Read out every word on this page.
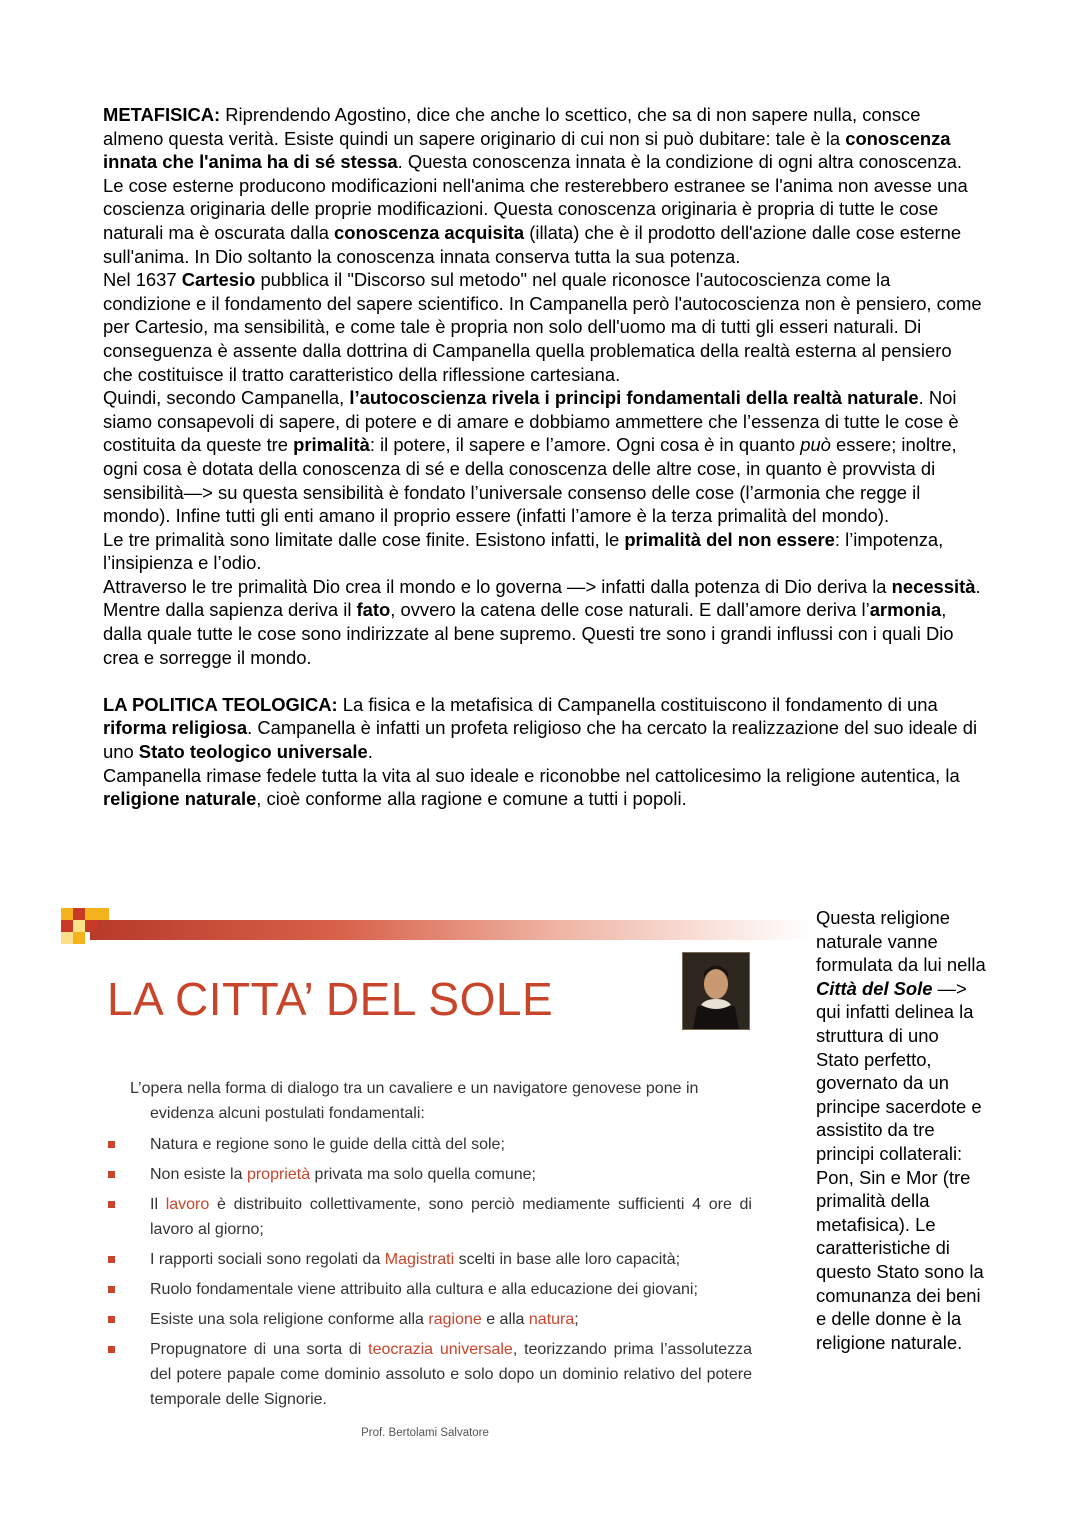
METAFISICA: Riprendendo Agostino, dice che anche lo scettico, che sa di non sapere nulla, consce almeno questa verità. Esiste quindi un sapere originario di cui non si può dubitare: tale è la conoscenza innata che l'anima ha di sé stessa. Questa conoscenza innata è la condizione di ogni altra conoscenza.

Le cose esterne producono modificazioni nell'anima che resterebbero estranee se l'anima non avesse una coscienza originaria delle proprie modificazioni. Questa conoscenza originaria è propria di tutte le cose naturali ma è oscurata dalla conoscenza acquisita (illata) che è il prodotto dell'azione dalle cose esterne sull'anima. In Dio soltanto la conoscenza innata conserva tutta la sua potenza.

Nel 1637 Cartesio pubblica il "Discorso sul metodo" nel quale riconosce l'autocoscienza come la condizione e il fondamento del sapere scientifico. In Campanella però l'autocoscienza non è pensiero, come per Cartesio, ma sensibilità, e come tale è propria non solo dell'uomo ma di tutti gli esseri naturali. Di conseguenza è assente dalla dottrina di Campanella quella problematica della realtà esterna al pensiero che costituisce il tratto caratteristico della riflessione cartesiana.

Quindi, secondo Campanella, l’autocoscienza rivela i principi fondamentali della realtà naturale. Noi siamo consapevoli di sapere, di potere e di amare e dobbiamo ammettere che l’essenza di tutte le cose è costituita da queste tre primalità: il potere, il sapere e l’amore. Ogni cosa è in quanto può essere; inoltre, ogni cosa è dotata della conoscenza di sé e della conoscenza delle altre cose, in quanto è provvista di sensibilità—> su questa sensibilità è fondato l’universale consenso delle cose (l’armonia che regge il mondo). Infine tutti gli enti amano il proprio essere (infatti l’amore è la terza primalità del mondo).

Le tre primalità sono limitate dalle cose finite. Esistono infatti, le primalità del non essere: l’impotenza, l’insipienza e l’odio.

Attraverso le tre primalità Dio crea il mondo e lo governa —> infatti dalla potenza di Dio deriva la necessità. Mentre dalla sapienza deriva il fato, ovvero la catena delle cose naturali. E dall’amore deriva l’armonia, dalla quale tutte le cose sono indirizzate al bene supremo. Questi tre sono i grandi influssi con i quali Dio crea e sorregge il mondo.

LA POLITICA TEOLOGICA: La fisica e la metafisica di Campanella costituiscono il fondamento di una riforma religiosa. Campanella è infatti un profeta religioso che ha cercato la realizzazione del suo ideale di uno Stato teologico universale.

Campanella rimase fedele tutta la vita al suo ideale e riconobbe nel cattolicesimo la religione autentica, la religione naturale, cioè conforme alla ragione e comune a tutti i popoli.

LA CITTA’ DEL SOLE
L’opera nella forma di dialogo tra un cavaliere e un navigatore genovese pone in
evidenza alcuni postulati fondamentali:
Natura e regione sono le guide della città del sole;
Non esiste la proprietà privata ma solo quella comune;
Il lavoro è distribuito collettivamente, sono perciò mediamente sufficienti 4 ore di lavoro al giorno;
I rapporti sociali sono regolati da Magistrati scelti in base alle loro capacità;
Ruolo fondamentale viene attribuito alla cultura e alla educazione dei giovani;
Esiste una sola religione conforme alla ragione e alla natura;
Propugnatore di una sorta di teocrazia universale, teorizzando prima l’assolutezza del potere papale come dominio assoluto e solo dopo un dominio relativo del potere temporale delle Signorie.
Prof. Bertolami Salvatore
Questa religione naturale vanne formulata da lui nella Città del Sole —> qui infatti delinea la struttura di uno Stato perfetto, governato da un principe sacerdote e assistito da tre principi collaterali: Pon, Sin e Mor (tre primalità della metafisica). Le caratteristiche di questo Stato sono la comunanza dei beni e delle donne è la religione naturale.
